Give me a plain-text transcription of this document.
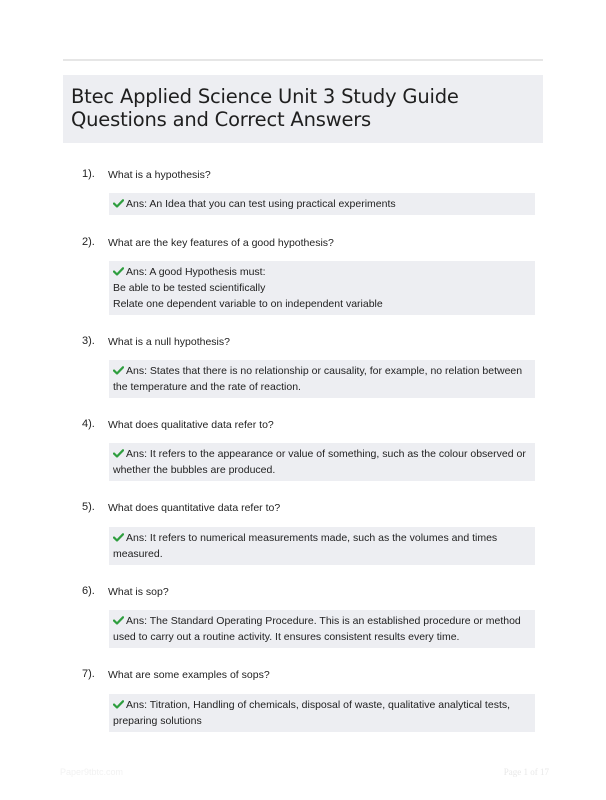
Btec Applied Science Unit 3 Study Guide
Questions and Correct Answers
1). What is a hypothesis?
Ans: An Idea that you can test using practical experiments
2). What are the key features of a good hypothesis?
Ans: A good Hypothesis must:
Be able to be tested scientifically
Relate one dependent variable to on independent variable
3). What is a null hypothesis?
Ans: States that there is no relationship or causality, for example, no relation between
the temperature and the rate of reaction.
4). What does qualitative data refer to?
Ans: It refers to the appearance or value of something, such as the colour observed or
whether the bubbles are produced.
5). What does quantitative data refer to?
Ans: It refers to numerical measurements made, such as the volumes and times
measured.
6). What is sop?
Ans: The Standard Operating Procedure. This is an established procedure or method
used to carry out a routine activity. It ensures consistent results every time.
7). What are some examples of sops?
Ans: Titration, Handling of chemicals, disposal of waste, qualitative analytical tests,
preparing solutions
Paper9tbtc.com	Page 1 of 17
